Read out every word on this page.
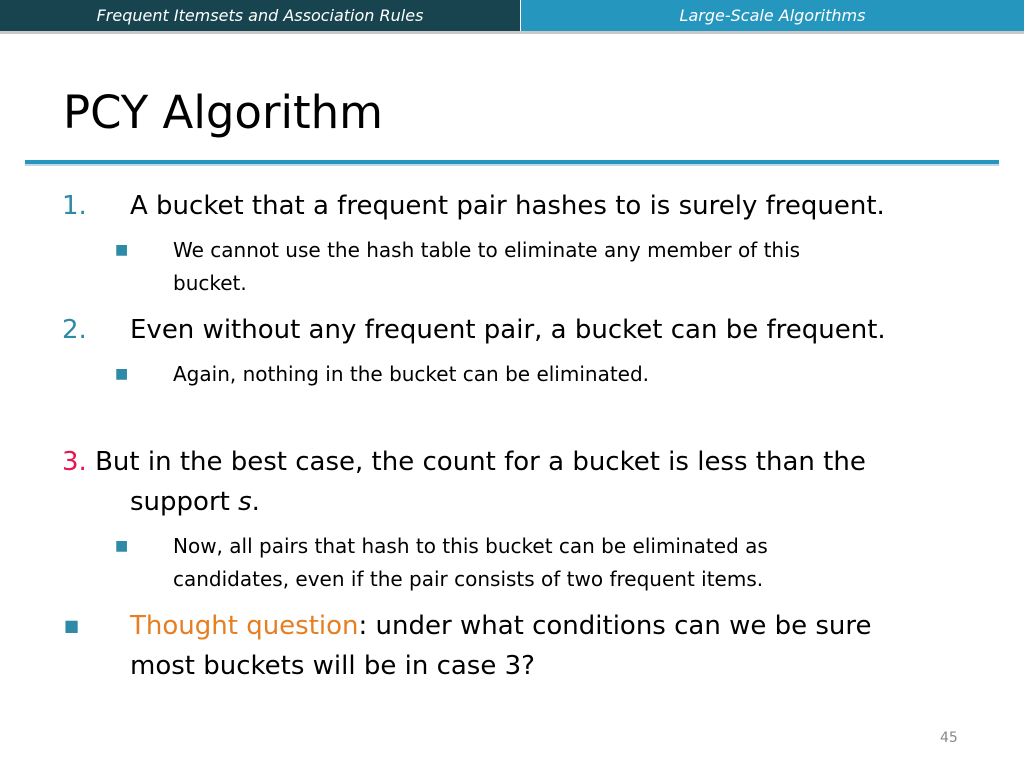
Frequent Itemsets and Association Rules	Large-Scale Algorithms
PCY Algorithm
1. A bucket that a frequent pair hashes to is surely frequent.
■ We cannot use the hash table to eliminate any member of this
bucket.
2. Even without any frequent pair, a bucket can be frequent.
■ Again, nothing in the bucket can be eliminated.
3. But in the best case, the count for a bucket is less than the
support s.
■ Now, all pairs that hash to this bucket can be eliminated as
candidates, even if the pair consists of two frequent items.
■ Thought question: under what conditions can we be sure
most buckets will be in case 3?
45
